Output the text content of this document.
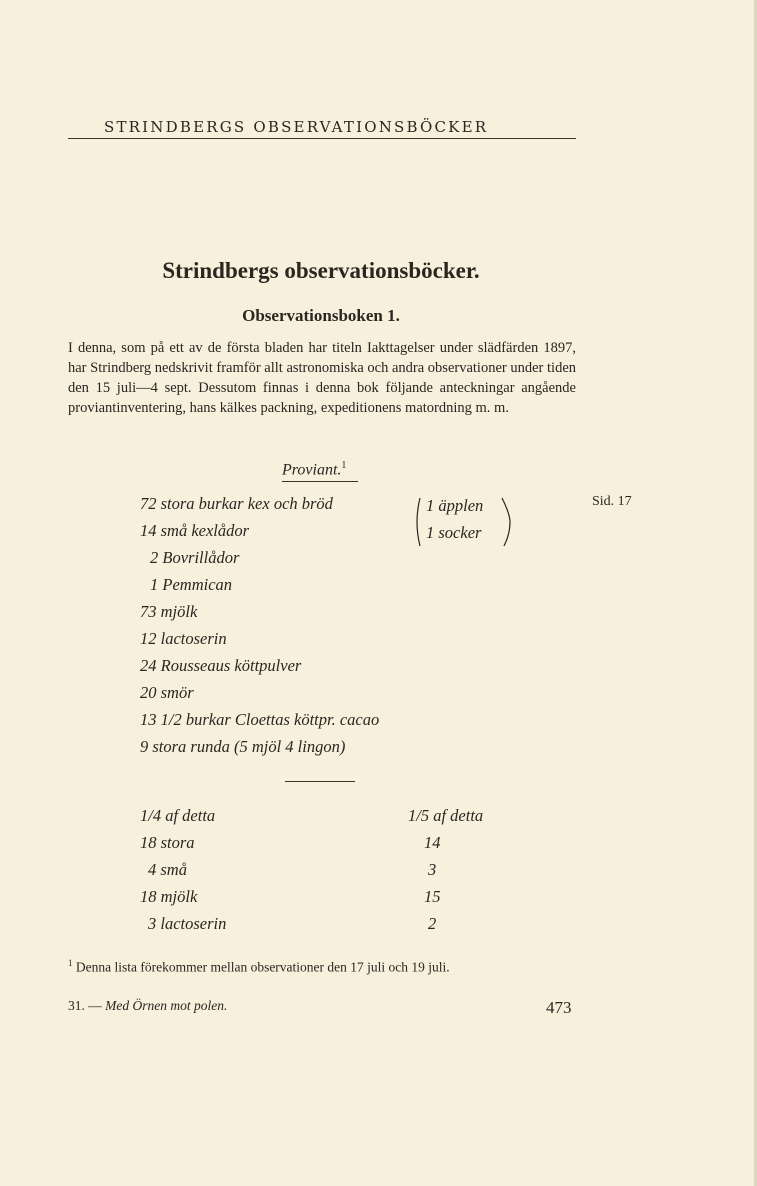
STRINDBERGS OBSERVATIONSBÖCKER
Strindbergs observationsböcker.
Observationsboken 1.
I denna, som på ett av de första bladen har titeln Iakttagelser under slädfärden 1897, har Strindberg nedskrivit framför allt astronomiska och andra observationer under tiden den 15 juli—4 sept. Dessutom finnas i denna bok följande anteckningar angående proviantinventering, hans kälkes packning, expeditionens matordning m. m.
Proviant.$^1$
72 stora burkar kex och bröd
14 små kexlådor
2 Bovrillådor
1 Pemmican
73 mjölk
12 lactoserin
24 Rousseaus köttpulver
20 smör
13 1/2 burkar Cloettas köttpr. cacao
9 stora runda (5 mjöl 4 lingon)
1 äpplen
1 socker
Sid. 17
1/4 af detta	1/5 af detta
18 stora	14
4 små	3
18 mjölk	15
3 lactoserin	2
$^1$ Denna lista förekommer mellan observationer den 17 juli och 19 juli.
31. — Med Örnen mot polen.	473
